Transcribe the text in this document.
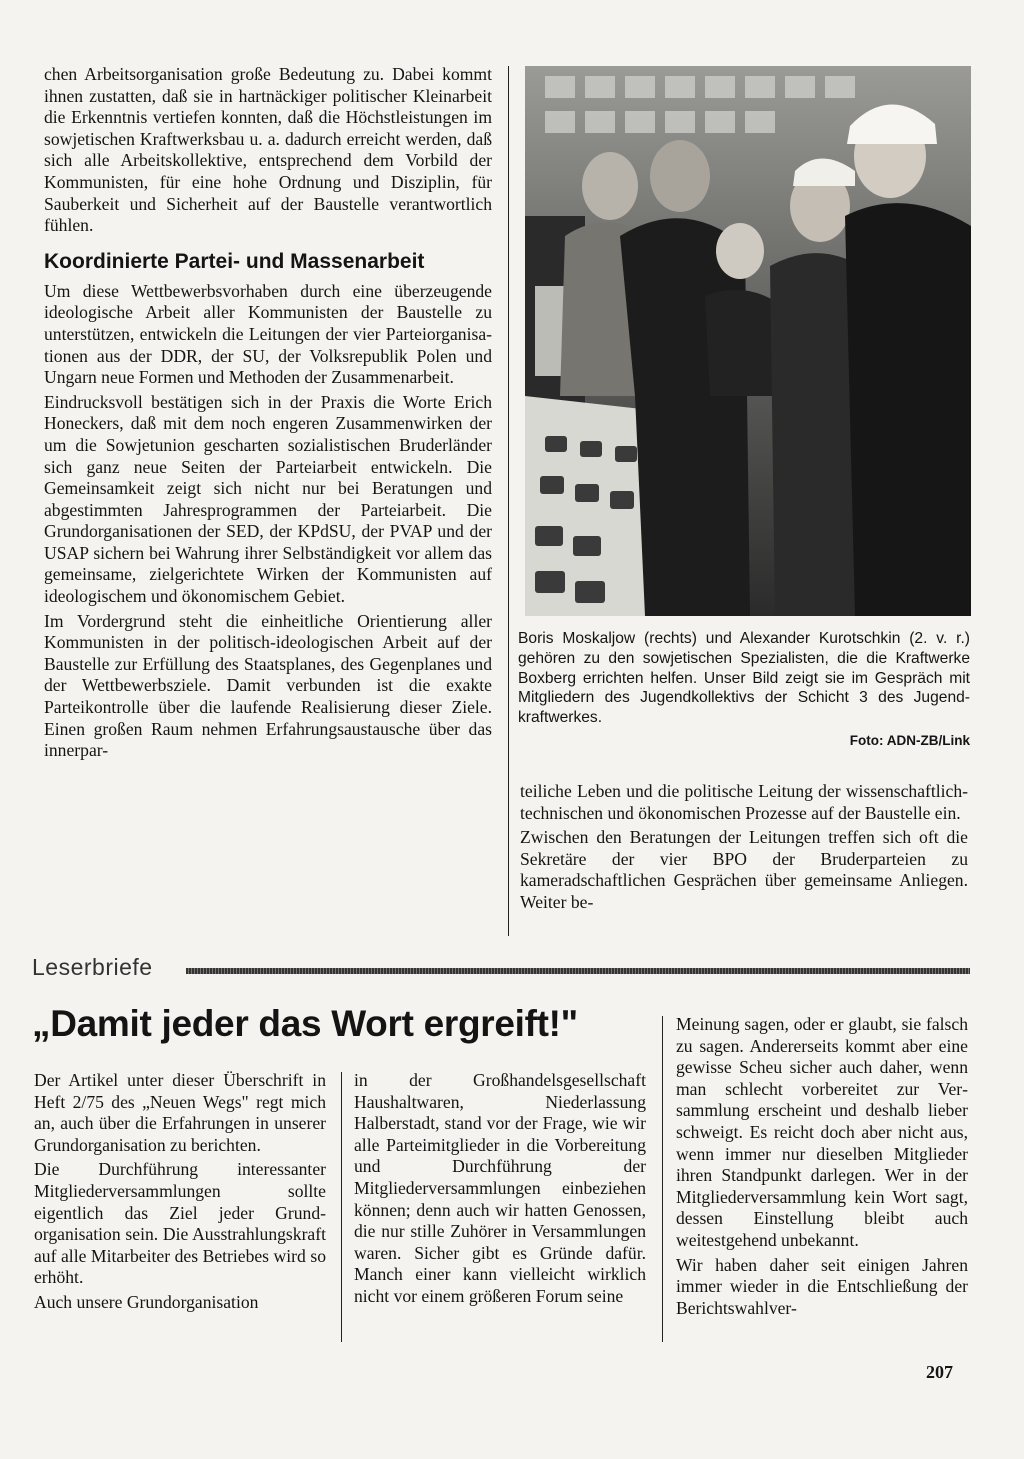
chen Arbeitsorganisation große Bedeutung zu. Dabei kommt ihnen zustatten, daß sie in hartnäckiger politischer Kleinarbeit die Erkenntnis vertiefen konnten, daß die Höchstleistungen im sowjetischen Kraftwerksbau u. a. dadurch erreicht werden, daß sich alle Arbeitskollektive, entsprechend dem Vorbild der Kommunisten, für eine hohe Ordnung und Disziplin, für Sauberkeit und Sicherheit auf der Baustelle verantwortlich fühlen.

Koordinierte Partei- und Massenarbeit

Um diese Wettbewerbsvorhaben durch eine überzeugende ideologische Arbeit aller Kommunisten der Baustelle zu unterstützen, entwickeln die Leitungen der vier Parteiorganisationen aus der DDR, der SU, der Volksrepublik Polen und Ungarn neue Formen und Methoden der Zusammenarbeit.

Eindrucksvoll bestätigen sich in der Praxis die Worte Erich Honeckers, daß mit dem noch engeren Zusammenwirken der um die Sowjetunion gescharten sozialistischen Bruderländer sich ganz neue Seiten der Parteiarbeit entwickeln. Die Gemeinsamkeit zeigt sich nicht nur bei Beratungen und abgestimmten Jahresprogrammen der Parteiarbeit. Die Grundorganisationen der SED, der KPdSU, der PVAP und der USAP sichern bei Wahrung ihrer Selbständigkeit vor allem das gemeinsame, zielgerichtete Wirken der Kommunisten auf ideologischem und ökonomischem Gebiet.

Im Vordergrund steht die einheitliche Orientierung aller Kommunisten in der politisch-ideologischen Arbeit auf der Baustelle zur Erfüllung des Staatsplanes, des Gegenplanes und der Wettbewerbsziele. Damit verbunden ist die exakte Parteikontrolle über die laufende Realisierung dieser Ziele. Einen großen Raum nehmen Erfahrungsaustausche über das innerpar-

Boris Moskaljow (rechts) und Alexander Kurotschkin (2. v. r.) gehören zu den sowjetischen Spezialisten, die die Kraftwerke Boxberg errichten helfen. Unser Bild zeigt sie im Gespräch mit Mitgliedern des Jugendkollektivs der Schicht 3 des Jugendkraftwerkes.
Foto: ADN-ZB/Link

teiliche Leben und die politische Leitung der wissenschaftlich-technischen und ökonomischen Prozesse auf der Baustelle ein.

Zwischen den Beratungen der Leitungen treffen sich oft die Sekretäre der vier BPO der Bruderparteien zu kameradschaftlichen Gesprächen über gemeinsame Anliegen. Weiter be-

Leserbriefe
„Damit jeder das Wort ergreift!"

Der Artikel unter dieser Überschrift in Heft 2/75 des „Neuen Wegs" regt mich an, auch über die Erfahrungen in unserer Grundorganisation zu berichten.

Die Durchführung interessanter Mitgliederversammlungen sollte eigentlich das Ziel jeder Grundorganisation sein. Die Ausstrahlungskraft auf alle Mitarbeiter des Betriebes wird so erhöht.

Auch unsere Grundorganisation

in der Großhandelsgesellschaft Haushaltwaren, Niederlassung Halberstadt, stand vor der Frage, wie wir alle Parteimitglieder in die Vorbereitung und Durchführung der Mitgliederversammlungen einbeziehen können; denn auch wir hatten Genossen, die nur stille Zuhörer in Versammlungen waren. Sicher gibt es Gründe dafür. Manch einer kann vielleicht wirklich nicht vor einem größeren Forum seine

Meinung sagen, oder er glaubt, sie falsch zu sagen. Andererseits kommt aber eine gewisse Scheu sicher auch daher, wenn man schlecht vorbereitet zur Versammlung erscheint und deshalb lieber schweigt. Es reicht doch aber nicht aus, wenn immer nur dieselben Mitglieder ihren Standpunkt darlegen. Wer in der Mitgliederversammlung kein Wort sagt, dessen Einstellung bleibt auch weitestgehend unbekannt.

Wir haben daher seit einigen Jahren immer wieder in die Entschließung der Berichtswahlver-

207
